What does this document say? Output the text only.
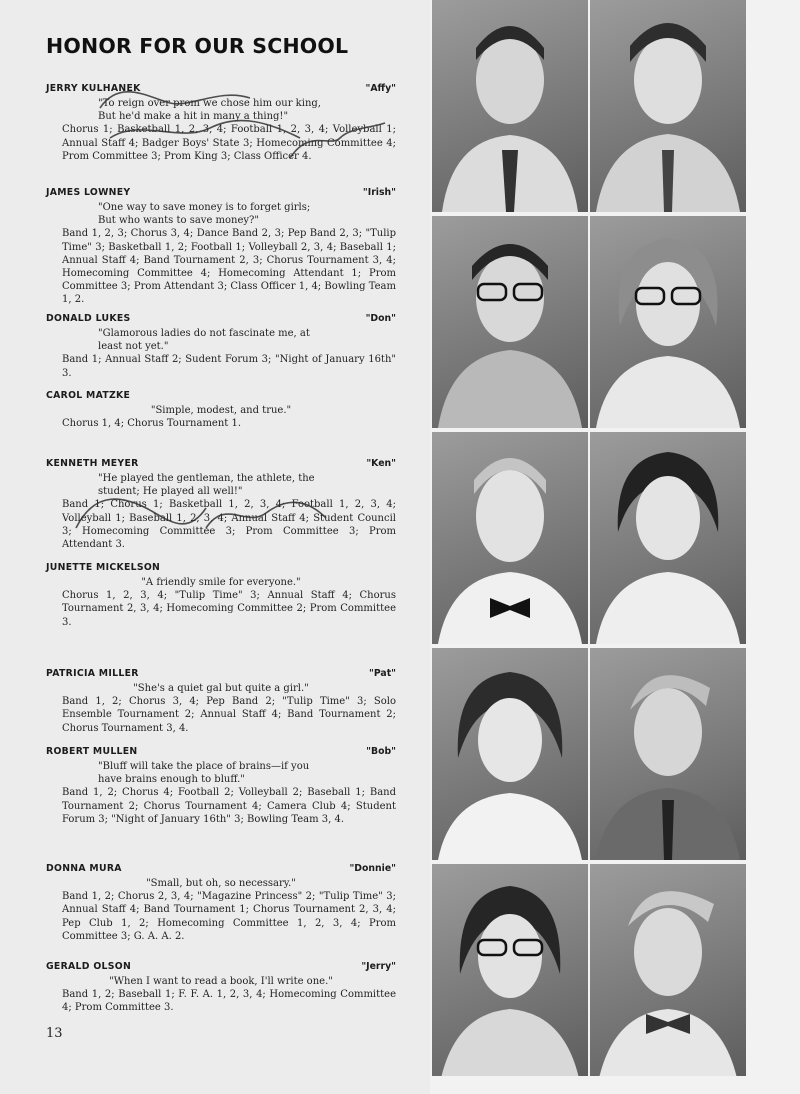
HONOR FOR OUR SCHOOL
JERRY KULHANEK	"Affy"
"To reign over prom we chose him our king,
But he'd make a hit in many a thing!"
Chorus 1; Basketball 1, 2, 3, 4; Football 1, 2, 3, 4; Volleyball 1; Annual Staff 4; Badger Boys' State 3; Homecoming Committee 4; Prom Committee 3; Prom King 3; Class Officer 4.
JAMES LOWNEY	"Irish"
"One way to save money is to forget girls;
But who wants to save money?"
Band 1, 2, 3; Chorus 3, 4; Dance Band 2, 3; Pep Band 2, 3; "Tulip Time" 3; Basketball 1, 2; Football 1; Volleyball 2, 3, 4; Baseball 1; Annual Staff 4; Band Tournament 2, 3; Chorus Tournament 3, 4; Homecoming Committee 4; Homecoming Attendant 1; Prom Committee 3; Prom Attendant 3; Class Officer 1, 4; Bowling Team 1, 2.
DONALD LUKES	"Don"
"Glamorous ladies do not fascinate me, at
least not yet."
Band 1; Annual Staff 2; Sudent Forum 3; "Night of January 16th" 3.
CAROL MATZKE
"Simple, modest, and true."
Chorus 1, 4; Chorus Tournament 1.
KENNETH MEYER	"Ken"
"He played the gentleman, the athlete, the
student; He played all well!"
Band 1; Chorus 1; Basketball 1, 2, 3, 4; Football 1, 2, 3, 4; Volleyball 1; Baseball 1, 2, 3, 4; Annual Staff 4; Student Council 3; Homecoming Committee 3; Prom Committee 3; Prom Attendant 3.
JUNETTE MICKELSON
"A friendly smile for everyone."
Chorus 1, 2, 3, 4; "Tulip Time" 3; Annual Staff 4; Chorus Tournament 2, 3, 4; Homecoming Committee 2; Prom Committee 3.
PATRICIA MILLER	"Pat"
"She's a quiet gal but quite a girl."
Band 1, 2; Chorus 3, 4; Pep Band 2; "Tulip Time" 3; Solo Ensemble Tournament 2; Annual Staff 4; Band Tournament 2; Chorus Tournament 3, 4.
ROBERT MULLEN	"Bob"
"Bluff will take the place of brains—if you
have brains enough to bluff."
Band 1, 2; Chorus 4; Football 2; Volleyball 2; Baseball 1; Band Tournament 2; Chorus Tournament 4; Camera Club 4; Student Forum 3; "Night of January 16th" 3; Bowling Team 3, 4.
DONNA MURA	"Donnie"
"Small, but oh, so necessary."
Band 1, 2; Chorus 2, 3, 4; "Magazine Princess" 2; "Tulip Time" 3; Annual Staff 4; Band Tournament 1; Chorus Tournament 2, 3, 4; Pep Club 1, 2; Homecoming Committee 1, 2, 3, 4; Prom Committee 3; G. A. A. 2.
GERALD OLSON	"Jerry"
"When I want to read a book, I'll write one."
Band 1, 2; Baseball 1; F. F. A. 1, 2, 3, 4; Homecoming Committee 4; Prom Committee 3.
13
